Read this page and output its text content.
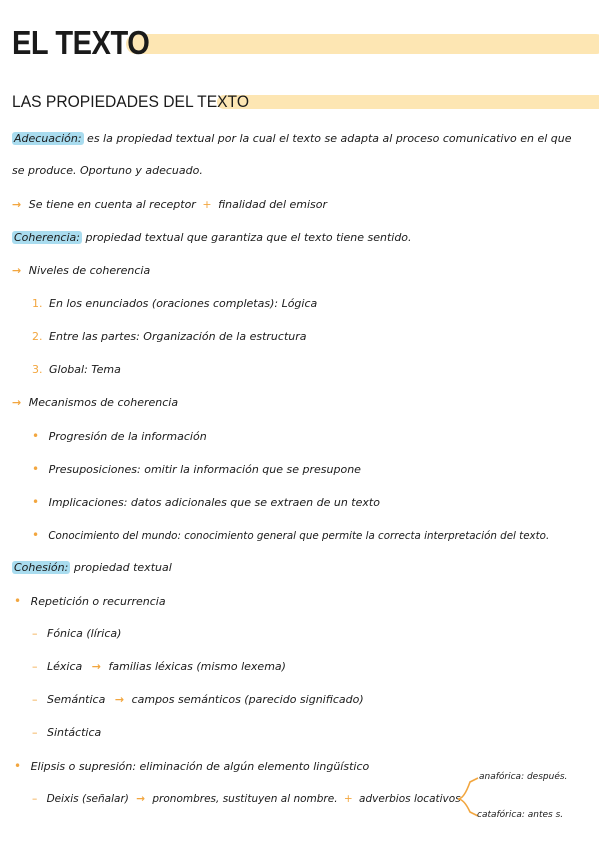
EL TEXTO
LAS PROPIEDADES DEL TEXTO
Adecuación: es la propiedad textual por la cual el texto se adapta al proceso comunicativo en el que
se produce. Oportuno y adecuado.
→ Se tiene en cuenta al receptor + finalidad del emisor
Coherencia: propiedad textual que garantiza que el texto tiene sentido.
→ Niveles de coherencia
1. En los enunciados (oraciones completas): Lógica
2. Entre las partes: Organización de la estructura
3. Global: Tema
→ Mecanismos de coherencia
• Progresión de la información
• Presuposiciones: omitir la información que se presupone
• Implicaciones: datos adicionales que se extraen de un texto
• Conocimiento del mundo: conocimiento general que permite la correcta interpretación del texto.
Cohesión: propiedad textual
• Repetición o recurrencia
– Fónica (lírica)
– Léxica → familias léxicas (mismo lexema)
– Semántica → campos semánticos (parecido significado)
– Sintáctica
• Elipsis o supresión: eliminación de algún elemento lingüístico
– Deixis (señalar) → pronombres, sustituyen al nombre. + adverbios locativos
anafórica: después.
catafórica: antes s.
